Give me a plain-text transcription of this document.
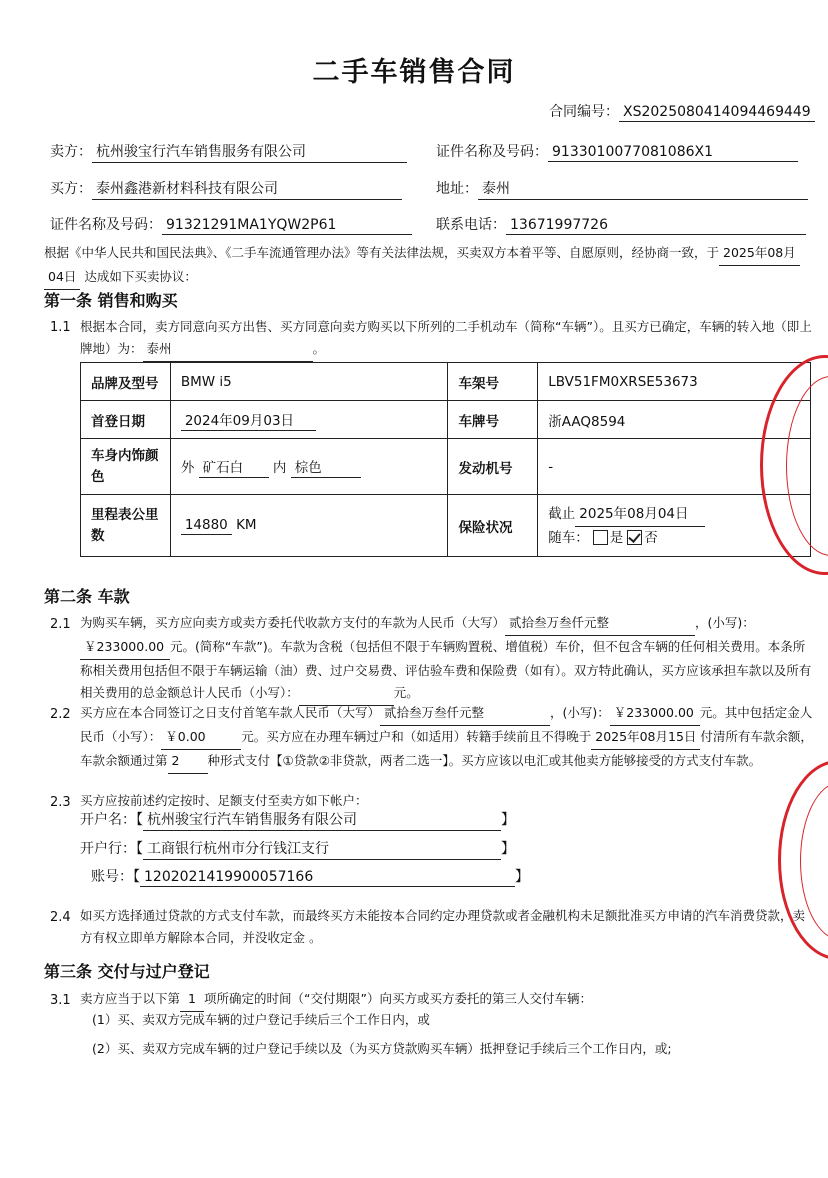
二手车销售合同
合同编号： XS2025080414094469449
卖方： 杭州骏宝行汽车销售服务有限公司	证件名称及号码： 9133010077081086X1
买方： 泰州鑫港新材料科技有限公司	地址： 泰州
证件名称及号码： 91321291MA1YQW2P61	联系电话： 13671997726
根据《中华人民共和国民法典》、《二手车流通管理办法》等有关法律法规，买卖双方本着平等、自愿原则，经协商一致，于 2025年08月
04日 达成如下买卖协议：
第一条 销售和购买
1.1 根据本合同，卖方同意向买方出售、买方同意向卖方购买以下所列的二手机动车（简称“车辆”）。且买方已确定，车辆的转入地（即上牌地）为： 泰州	。
品牌及型号	BMW i5	车架号	LBV51FM0XRSE53673
首登日期	2024年09月03日	车牌号	浙AAQ8594
车身内饰颜色	外 矿石白 内 棕色	发动机号	-
里程表公里数	14880 KM	保险状况	截止 2025年08月04日
随车： 是 否
第二条 车款
2.1 为购买车辆，买方应向卖方或卖方委托代收款方支付的车款为人民币（大写） 贰拾叁万叁仟元整	，(小写)：￥233000.00 元。(简称“车款”)。车款为含税（包括但不限于车辆购置税、增值税）车价，但不包含车辆的任何相关费用。本条所称相关费用包括但不限于车辆运输（油）费、过户交易费、评估验车费和保险费（如有）。双方特此确认，买方应该承担车款以及所有相关费用的总金额总计人民币（小写）：	元。
2.2 买方应在本合同签订之日支付首笔车款人民币（大写） 贰拾叁万叁仟元整	，(小写)： ￥233000.00 元。其中包括定金人民币（小写）： ￥0.00	元。买方应在办理车辆过户和（如适用）转籍手续前且不得晚于 2025年08月15日 付清所有车款余额，车款余额通过第 2 种形式支付【①贷款②非贷款，两者二选一】。买方应该以电汇或其他卖方能够接受的方式支付车款。
2.3 买方应按前述约定按时、足额支付至卖方如下帐户：
开户名：【 杭州骏宝行汽车销售服务有限公司	】
开户行：【 工商银行杭州市分行钱江支行	】
账号：【 1202021419900057166	】
2.4 如买方选择通过贷款的方式支付车款，而最终买方未能按本合同约定办理贷款或者金融机构未足额批准买方申请的汽车消费贷款，卖方有权立即单方解除本合同，并没收定金 。
第三条 交付与过户登记
3.1 卖方应当于以下第 1 项所确定的时间（“交付期限”）向买方或买方委托的第三人交付车辆：
(1）买、卖双方完成车辆的过户登记手续后三个工作日内，或
(2）买、卖双方完成车辆的过户登记手续以及（为买方贷款购买车辆）抵押登记手续后三个工作日内，或;
